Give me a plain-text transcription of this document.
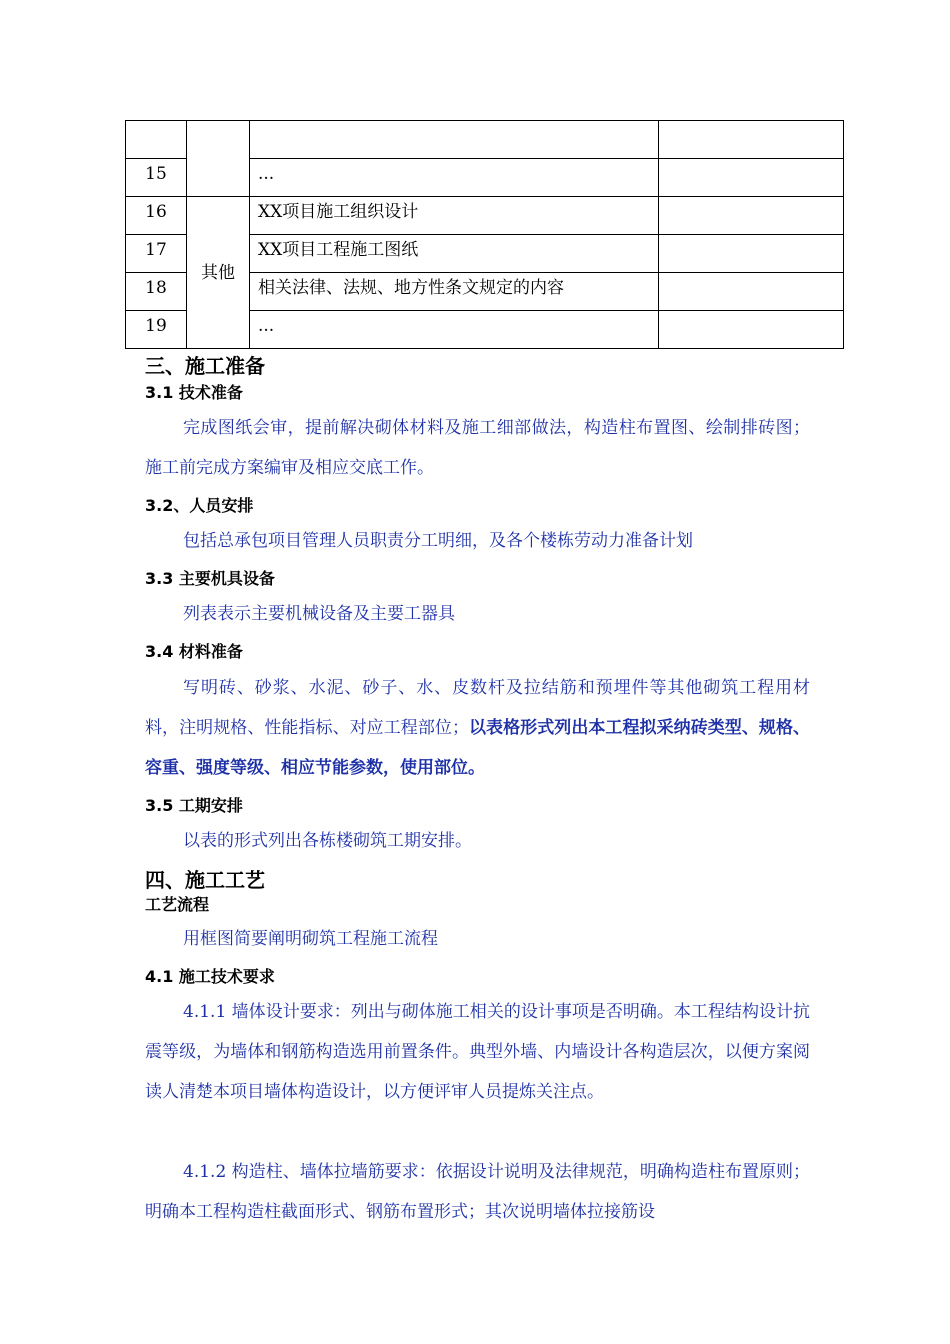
15		...	
16	其他	XX项目施工组织设计	
17		XX项目工程施工图纸	
18		相关法律、法规、地方性条文规定的内容	
19		...	
三、施工准备
3.1 技术准备

完成图纸会审，提前解决砌体材料及施工细部做法，构造柱布置图、绘制排砖图；施工前完成方案编审及相应交底工作。

3.2、人员安排

包括总承包项目管理人员职责分工明细，及各个楼栋劳动力准备计划

3.3 主要机具设备

列表表示主要机械设备及主要工器具

3.4 材料准备

写明砖、砂浆、水泥、砂子、水、皮数杆及拉结筋和预埋件等其他砌筑工程用材料，注明规格、性能指标、对应工程部位；以表格形式列出本工程拟采纳砖类型、规格、容重、强度等级、相应节能参数，使用部位。

3.5 工期安排

以表的形式列出各栋楼砌筑工期安排。

四、施工工艺
工艺流程

用框图简要阐明砌筑工程施工流程

4.1 施工技术要求

4.1.1 墙体设计要求：列出与砌体施工相关的设计事项是否明确。本工程结构设计抗震等级，为墙体和钢筋构造选用前置条件。典型外墙、内墙设计各构造层次，以便方案阅读人清楚本项目墙体构造设计，以方便评审人员提炼关注点。

4.1.2 构造柱、墙体拉墙筋要求：依据设计说明及法律规范，明确构造柱布置原则；明确本工程构造柱截面形式、钢筋布置形式；其次说明墙体拉接筋设
